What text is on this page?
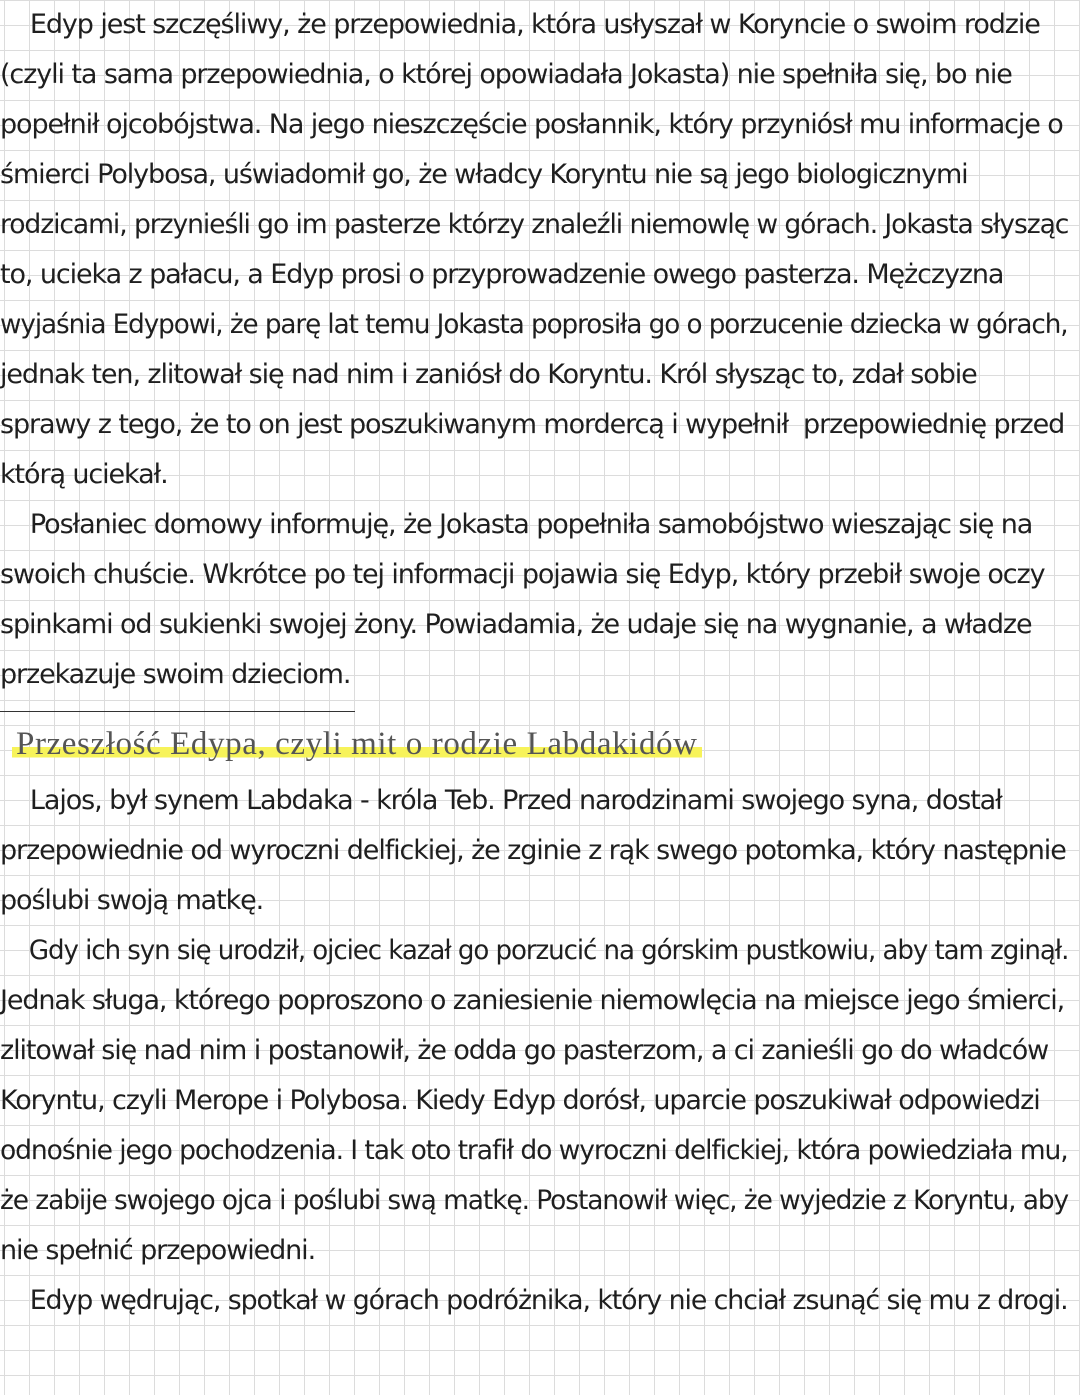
Edyp jest szczęśliwy, że przepowiednia, która usłyszał w Koryncie o swoim rodzie
(czyli ta sama przepowiednia, o której opowiadała Jokasta) nie spełniła się, bo nie
popełnił ojcobójstwa. Na jego nieszczęście posłannik, który przyniósł mu informacje o
śmierci Polybosa, uświadomił go, że władcy Koryntu nie są jego biologicznymi
rodzicami, przynieśli go im pasterze którzy znaleźli niemowlę w górach. Jokasta słysząc
to, ucieka z pałacu, a Edyp prosi o przyprowadzenie owego pasterza. Mężczyzna
wyjaśnia Edypowi, że parę lat temu Jokasta poprosiła go o porzucenie dziecka w górach,
jednak ten, zlitował się nad nim i zaniósł do Koryntu. Król słysząc to, zdał sobie
sprawy z tego, że to on jest poszukiwanym mordercą i wypełnił  przepowiednię przed
którą uciekał.
Posłaniec domowy informuję, że Jokasta popełniła samobójstwo wieszając się na
swoich chuście. Wkrótce po tej informacji pojawia się Edyp, który przebił swoje oczy
spinkami od sukienki swojej żony. Powiadamia, że udaje się na wygnanie, a władze
przekazuje swoim dzieciom.
Przeszłość Edypa, czyli mit o rodzie Labdakidów
Lajos, był synem Labdaka - króla Teb. Przed narodzinami swojego syna, dostał
przepowiednie od wyroczni delfickiej, że zginie z rąk swego potomka, który następnie
poślubi swoją matkę.
Gdy ich syn się urodził, ojciec kazał go porzucić na górskim pustkowiu, aby tam zginął.
Jednak sługa, którego poproszono o zaniesienie niemowlęcia na miejsce jego śmierci,
zlitował się nad nim i postanowił, że odda go pasterzom, a ci zanieśli go do władców
Koryntu, czyli Merope i Polybosa. Kiedy Edyp dorósł, uparcie poszukiwał odpowiedzi
odnośnie jego pochodzenia. I tak oto trafił do wyroczni delfickiej, która powiedziała mu,
że zabije swojego ojca i poślubi swą matkę. Postanowił więc, że wyjedzie z Koryntu, aby
nie spełnić przepowiedni.
Edyp wędrując, spotkał w górach podróżnika, który nie chciał zsunąć się mu z drogi.
